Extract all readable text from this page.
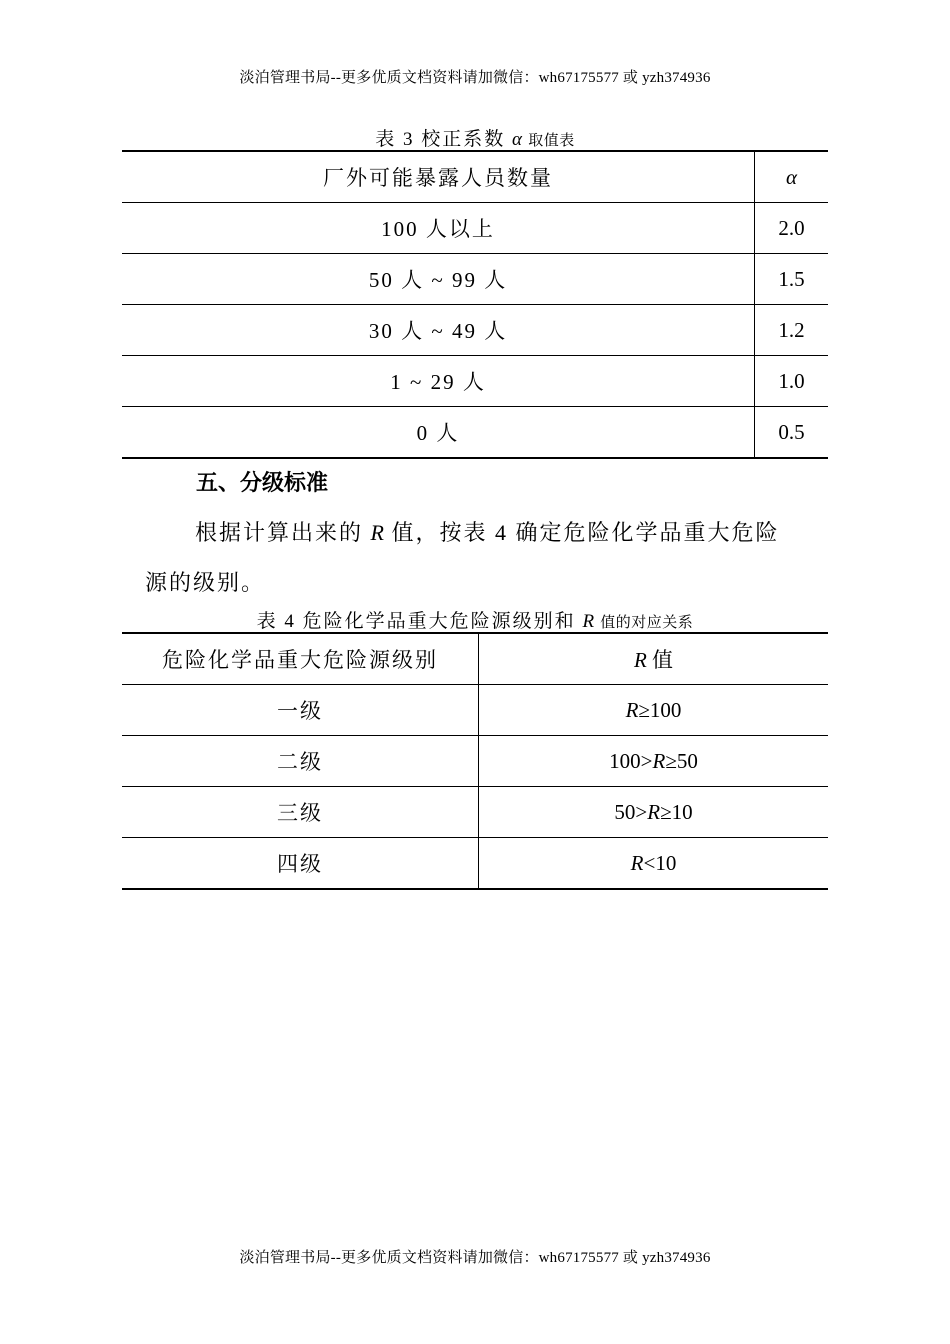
淡泊管理书局--更多优质文档资料请加微信：wh67175577 或 yzh374936
表 3 校正系数 α 取值表
厂外可能暴露人员数量	α
100 人以上	2.0
50 人 ~ 99 人	1.5
30 人 ~ 49 人	1.2
1 ~ 29 人	1.0
0 人	0.5
五、分级标准
根据计算出来的 R 值，按表 4 确定危险化学品重大危险
源的级别。
表 4 危险化学品重大危险源级别和 R 值的对应关系
危险化学品重大危险源级别	R 值
一级	R≥100
二级	100>R≥50
三级	50>R≥10
四级	R<10
淡泊管理书局--更多优质文档资料请加微信：wh67175577 或 yzh374936
